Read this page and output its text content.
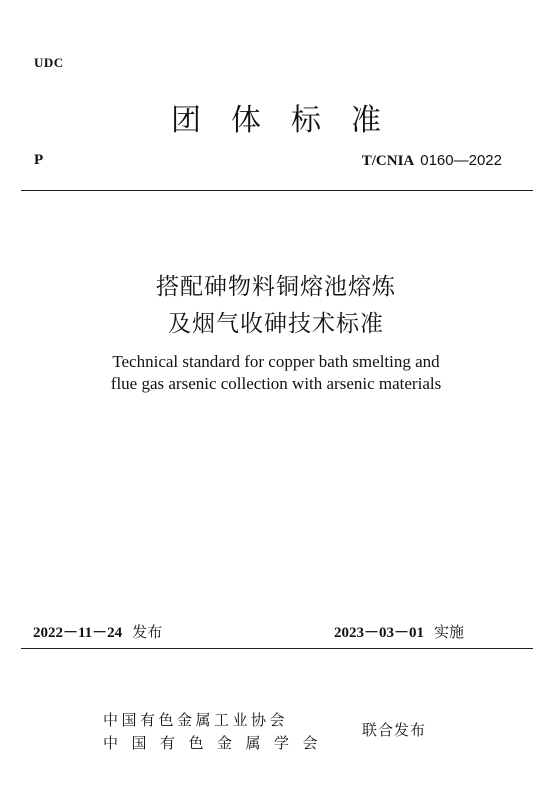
UDC
团体标准
P	T/CNIA 0160—2022
搭配砷物料铜熔池熔炼
及烟气收砷技术标准
Technical standard for copper bath smelting and
flue gas arsenic collection with arsenic materials
2022－11－24 发布	2023－03－01 实施
中国有色金属工业协会
中国有色金属学会
联合发布
